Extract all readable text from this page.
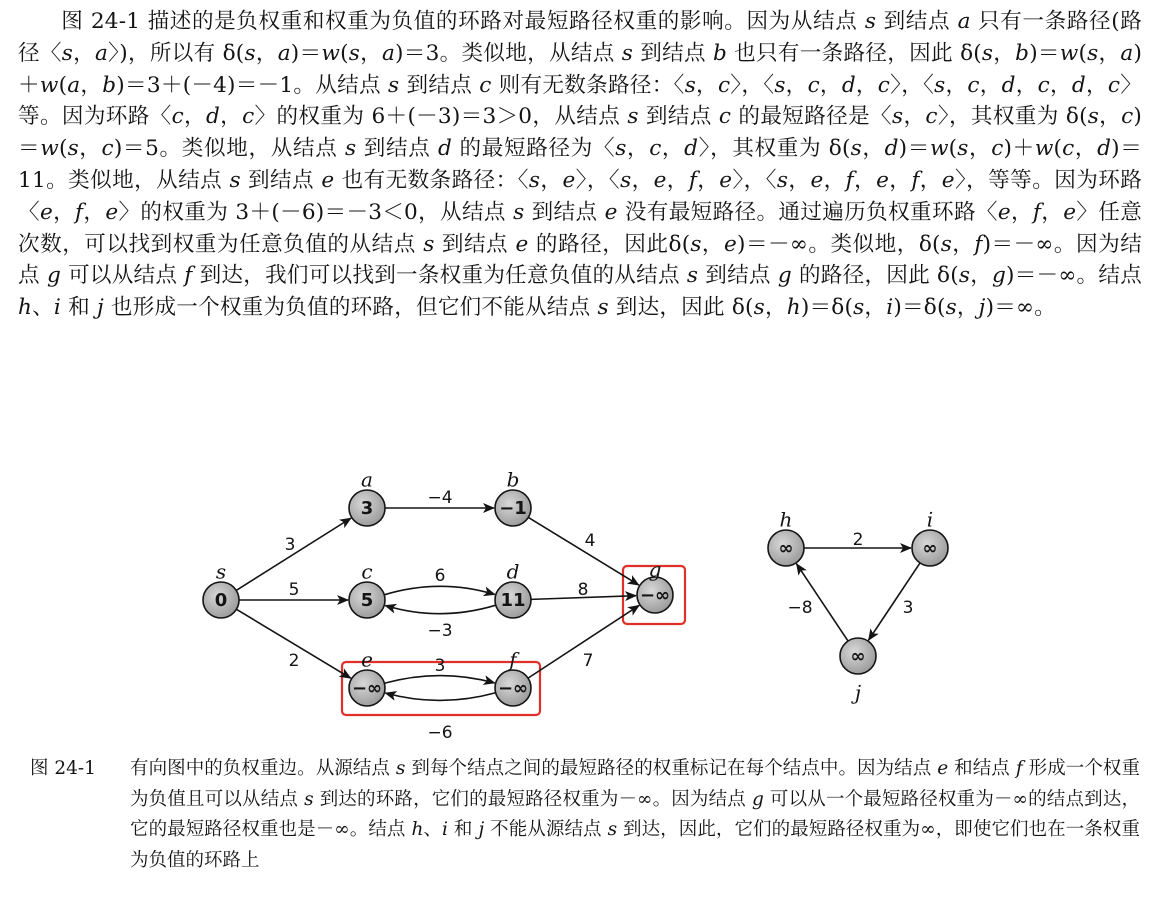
图 24-1 描述的是负权重和权重为负值的环路对最短路径权重的影响。因为从结点 s 到结点 a 只有一条路径(路径〈s，a〉)，所以有 δ(s，a)＝w(s，a)＝3。类似地，从结点 s 到结点 b 也只有一条路径，因此 δ(s，b)＝w(s，a)＋w(a，b)＝3＋(－4)＝－1。从结点 s 到结点 c 则有无数条路径：〈s，c〉，〈s，c，d，c〉，〈s，c，d，c，d，c〉等。因为环路〈c，d，c〉的权重为 6＋(－3)＝3＞0，从结点 s 到结点 c 的最短路径是〈s，c〉，其权重为 δ(s，c)＝w(s，c)＝5。类似地，从结点 s 到结点 d 的最短路径为〈s，c，d〉，其权重为 δ(s，d)＝w(s，c)＋w(c，d)＝11。类似地，从结点 s 到结点 e 也有无数条路径：〈s，e〉，〈s，e，f，e〉，〈s，e，f，e，f，e〉，等等。因为环路〈e，f，e〉的权重为 3＋(－6)＝－3＜0，从结点 s 到结点 e 没有最短路径。通过遍历负权重环路〈e，f，e〉任意次数，可以找到权重为任意负值的从结点 s 到结点 e 的路径，因此δ(s，e)＝－∞。类似地，δ(s，f)＝－∞。因为结点 g 可以从结点 f 到达，我们可以找到一条权重为任意负值的从结点 s 到结点 g 的路径，因此 δ(s，g)＝－∞。结点 h、i 和 j 也形成一个权重为负值的环路，但它们不能从结点 s 到达，因此 δ(s，h)＝δ(s，i)＝δ(s，j)＝∞。

3
−4
4
5
6
−3
8
2	3
−6
7
2
3
−8
0
s
3
a
−1
b
5
c
11
d
−∞
g
−∞
e
−∞
f
∞
h
∞
i
∞
j
图 24-1 有向图中的负权重边。从源结点 s 到每个结点之间的最短路径的权重标记在每个结点中。因为结点 e 和结点 f 形成一个权重为负值且可以从结点 s 到达的环路，它们的最短路径权重为－∞。因为结点 g 可以从一个最短路径权重为－∞的结点到达，它的最短路径权重也是－∞。结点 h、i 和 j 不能从源结点 s 到达，因此，它们的最短路径权重为∞，即使它们也在一条权重为负值的环路上
